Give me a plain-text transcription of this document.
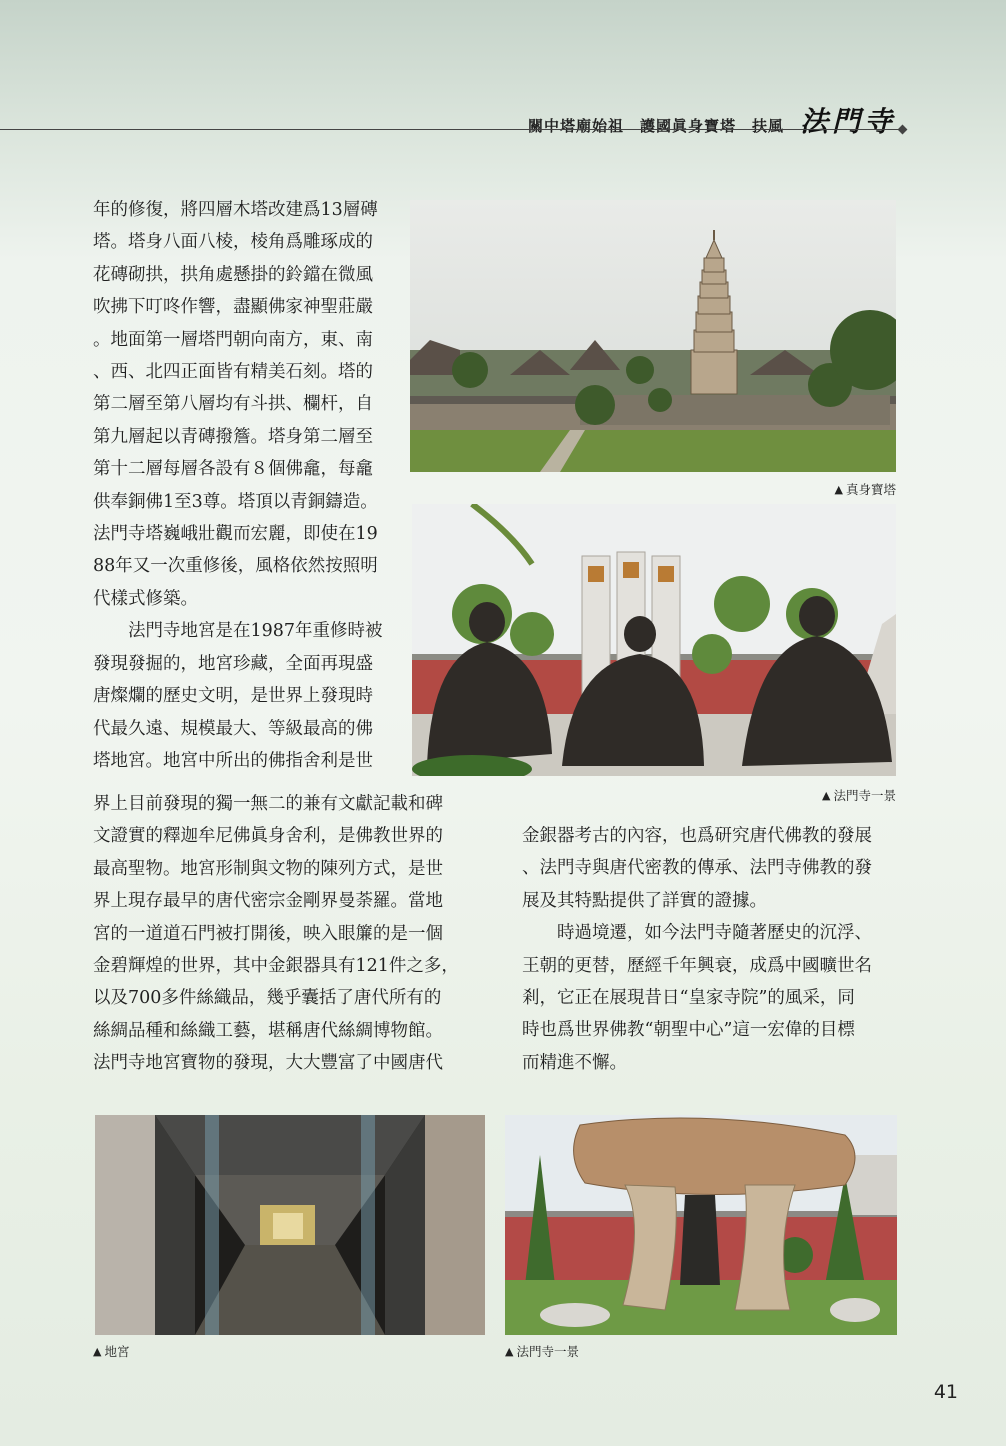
關中塔廟始祖　護國眞身寶塔　扶風 法門寺

年的修復，將四層木塔改建爲13層磚

塔。塔身八面八棱，棱角爲雕琢成的

花磚砌拱，拱角處懸掛的鈴鐺在微風

吹拂下叮咚作響，盡顯佛家神聖莊嚴

。地面第一層塔門朝向南方，東、南

、西、北四正面皆有精美石刻。塔的

第二層至第八層均有斗拱、欄杆，自

第九層起以青磚撥簷。塔身第二層至

第十二層每層各設有８個佛龕，每龕

供奉銅佛1至3尊。塔頂以青銅鑄造。

法門寺塔巍峨壯觀而宏麗，即使在19

88年又一次重修後，風格依然按照明

代樣式修築。

　　法門寺地宮是在1987年重修時被

發現發掘的，地宮珍藏，全面再現盛

唐燦爛的歷史文明，是世界上發現時

代最久遠、規模最大、等級最高的佛

塔地宮。地宮中所出的佛指舍利是世

界上目前發現的獨一無二的兼有文獻記載和碑

文證實的釋迦牟尼佛眞身舍利，是佛教世界的

最高聖物。地宮形制與文物的陳列方式，是世

界上現存最早的唐代密宗金剛界曼荼羅。當地

宮的一道道石門被打開後，映入眼簾的是一個

金碧輝煌的世界，其中金銀器具有121件之多，

以及700多件絲織品，幾乎囊括了唐代所有的

絲綢品種和絲織工藝，堪稱唐代絲綢博物館。

法門寺地宮寶物的發現，大大豐富了中國唐代

金銀器考古的內容，也爲研究唐代佛教的發展

、法門寺與唐代密教的傳承、法門寺佛教的發

展及其特點提供了詳實的證據。

　　時過境遷，如今法門寺隨著歷史的沉浮、

王朝的更替，歷經千年興衰，成爲中國曠世名

剎，它正在展現昔日“皇家寺院”的風采，同

時也爲世界佛教“朝聖中心”這一宏偉的目標

而精進不懈。

▲ 真身寶塔
▲ 法門寺一景
▲ 地宮	▲ 法門寺一景
41
